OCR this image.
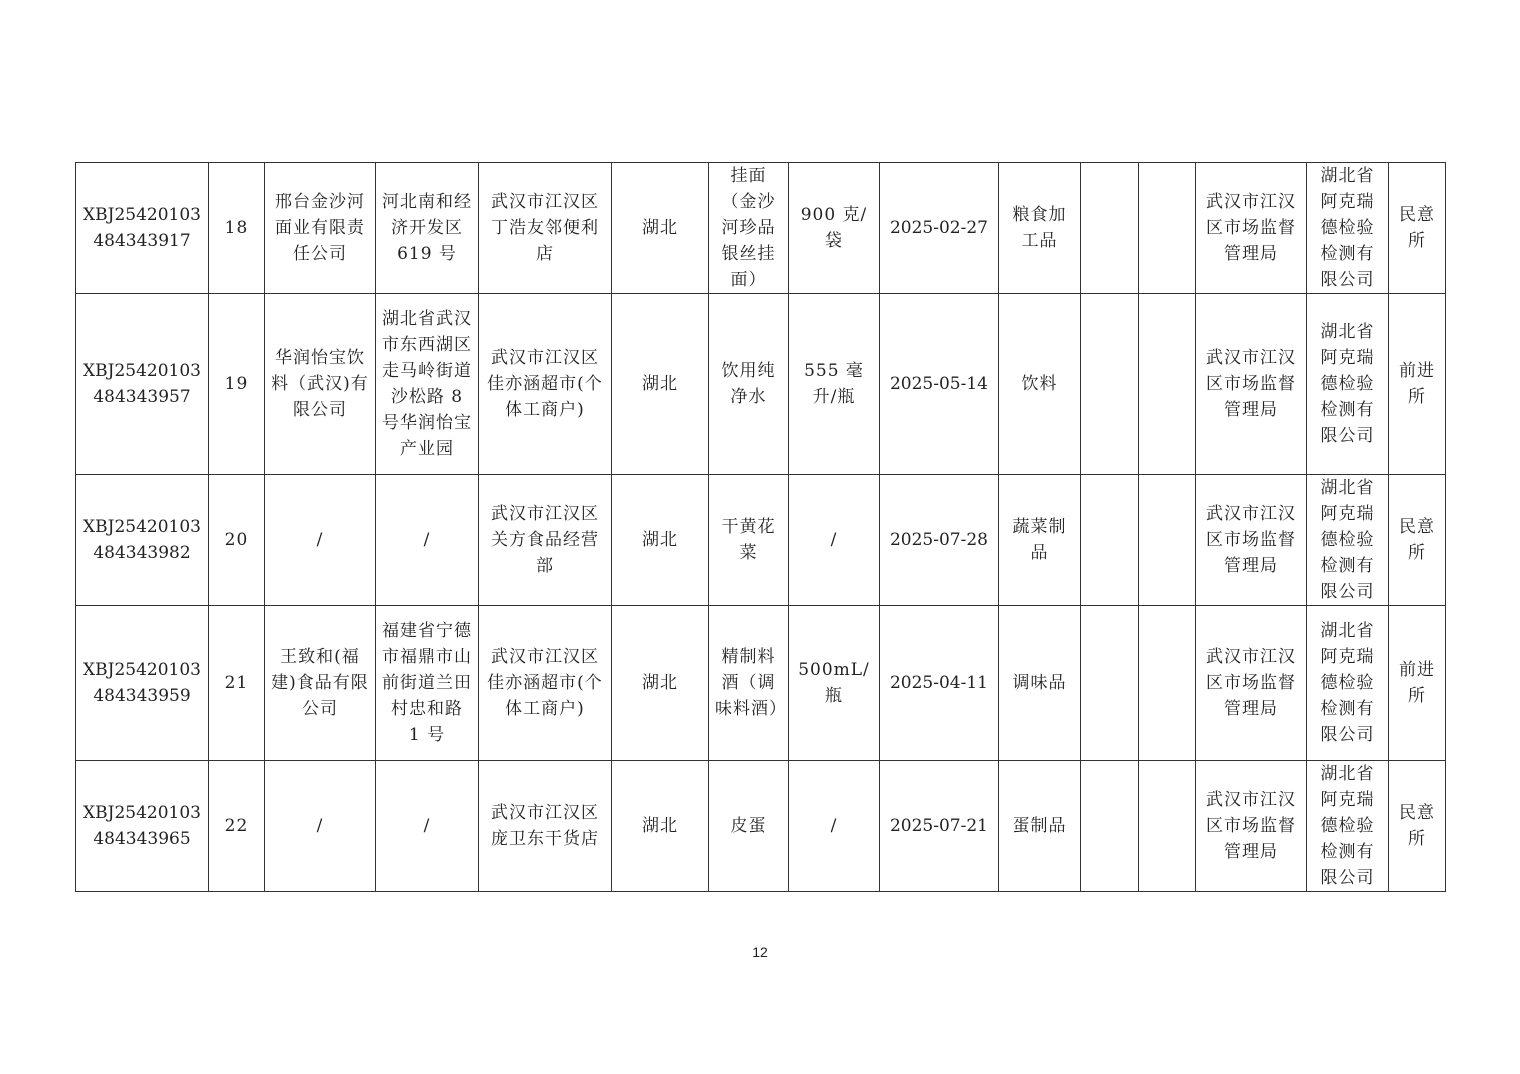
XBJ25420103 484343917	18	邢台金沙河面业有限责任公司	河北南和经济开发区 619 号	武汉市江汉区丁浩友邻便利店	湖北	挂面（金沙河珍品银丝挂面）	900 克/袋	2025-02-27	粮食加工品			武汉市江汉区市场监督管理局	湖北省阿克瑞德检验检测有限公司	民意所
XBJ25420103 484343957	19	华润怡宝饮料（武汉)有限公司	湖北省武汉市东西湖区走马岭街道沙松路 8 号华润怡宝产业园	武汉市江汉区佳亦涵超市(个体工商户)	湖北	饮用纯净水	555 毫升/瓶	2025-05-14	饮料			武汉市江汉区市场监督管理局	湖北省阿克瑞德检验检测有限公司	前进所
XBJ25420103 484343982	20	/	/	武汉市江汉区关方食品经营部	湖北	干黄花菜	/	2025-07-28	蔬菜制品			武汉市江汉区市场监督管理局	湖北省阿克瑞德检验检测有限公司	民意所
XBJ25420103 484343959	21	王致和(福建)食品有限公司	福建省宁德市福鼎市山前街道兰田村忠和路 1 号	武汉市江汉区佳亦涵超市(个体工商户)	湖北	精制料酒（调味料酒）	500mL/瓶	2025-04-11	调味品			武汉市江汉区市场监督管理局	湖北省阿克瑞德检验检测有限公司	前进所
XBJ25420103 484343965	22	/	/	武汉市江汉区庞卫东干货店	湖北	皮蛋	/	2025-07-21	蛋制品			武汉市江汉区市场监督管理局	湖北省阿克瑞德检验检测有限公司	民意所
12
